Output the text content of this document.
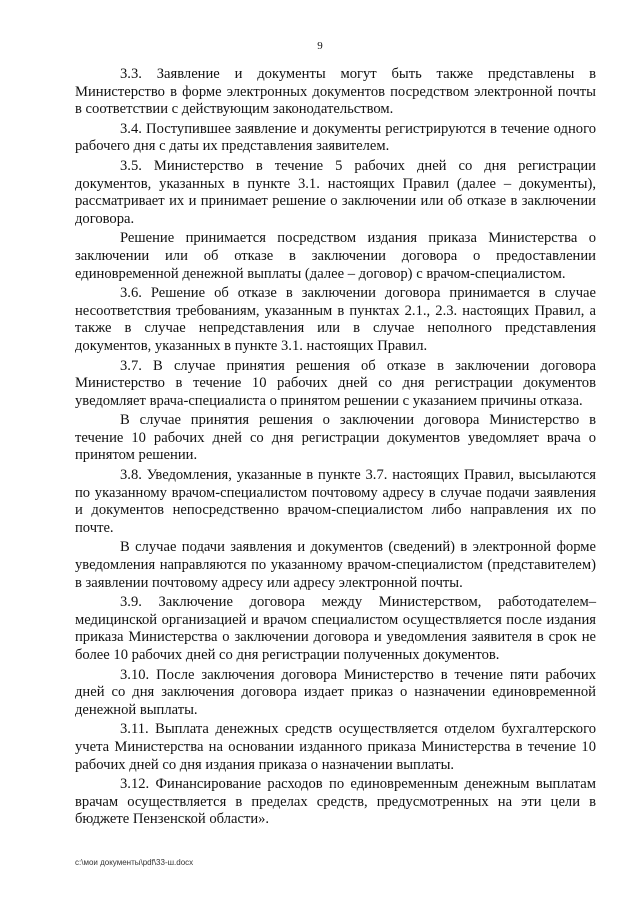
9

3.3. Заявление и документы могут быть также представлены в Министерство в форме электронных документов посредством электронной почты в соответствии с действующим законодательством.

3.4. Поступившее заявление и документы регистрируются в течение одного рабочего дня с даты их представления заявителем.

3.5. Министерство в течение 5 рабочих дней со дня регистрации документов, указанных в пункте 3.1. настоящих Правил (далее – документы), рассматривает их и принимает решение о заключении или об отказе в заключении договора.

Решение принимается посредством издания приказа Министерства о заключении или об отказе в заключении договора о предоставлении единовременной денежной выплаты (далее – договор) с врачом-специалистом.

3.6. Решение об отказе в заключении договора принимается в случае несоответствия требованиям, указанным в пунктах 2.1., 2.3. настоящих Правил, а также в случае непредставления или в случае неполного представления документов, указанных в пункте 3.1. настоящих Правил.

3.7. В случае принятия решения об отказе в заключении договора Министерство в течение 10 рабочих дней со дня регистрации документов уведомляет врача-специалиста о принятом решении с указанием причины отказа.

В случае принятия решения о заключении договора Министерство в течение 10 рабочих дней со дня регистрации документов уведомляет врача о принятом решении.

3.8. Уведомления, указанные в пункте 3.7. настоящих Правил, высылаются по указанному врачом-специалистом почтовому адресу в случае подачи заявления и документов непосредственно врачом-специалистом либо направления их по почте.

В случае подачи заявления и документов (сведений) в электронной форме уведомления направляются по указанному врачом-специалистом (представителем) в заявлении почтовому адресу или адресу электронной почты.

3.9. Заключение договора между Министерством, работодателем–медицинской организацией и врачом специалистом осуществляется после издания приказа Министерства о заключении договора и уведомления заявителя в срок не более 10 рабочих дней со дня регистрации полученных документов.

3.10. После заключения договора Министерство в течение пяти рабочих дней со дня заключения договора издает приказ о назначении единовременной денежной выплаты.

3.11. Выплата денежных средств осуществляется отделом бухгалтерского учета Министерства на основании изданного приказа Министерства в течение 10 рабочих дней со дня издания приказа о назначении выплаты.

3.12. Финансирование расходов по единовременным денежным выплатам врачам осуществляется в пределах средств, предусмотренных на эти цели в бюджете Пензенской области».

c:\мои документы\pdf\33-ш.docx
